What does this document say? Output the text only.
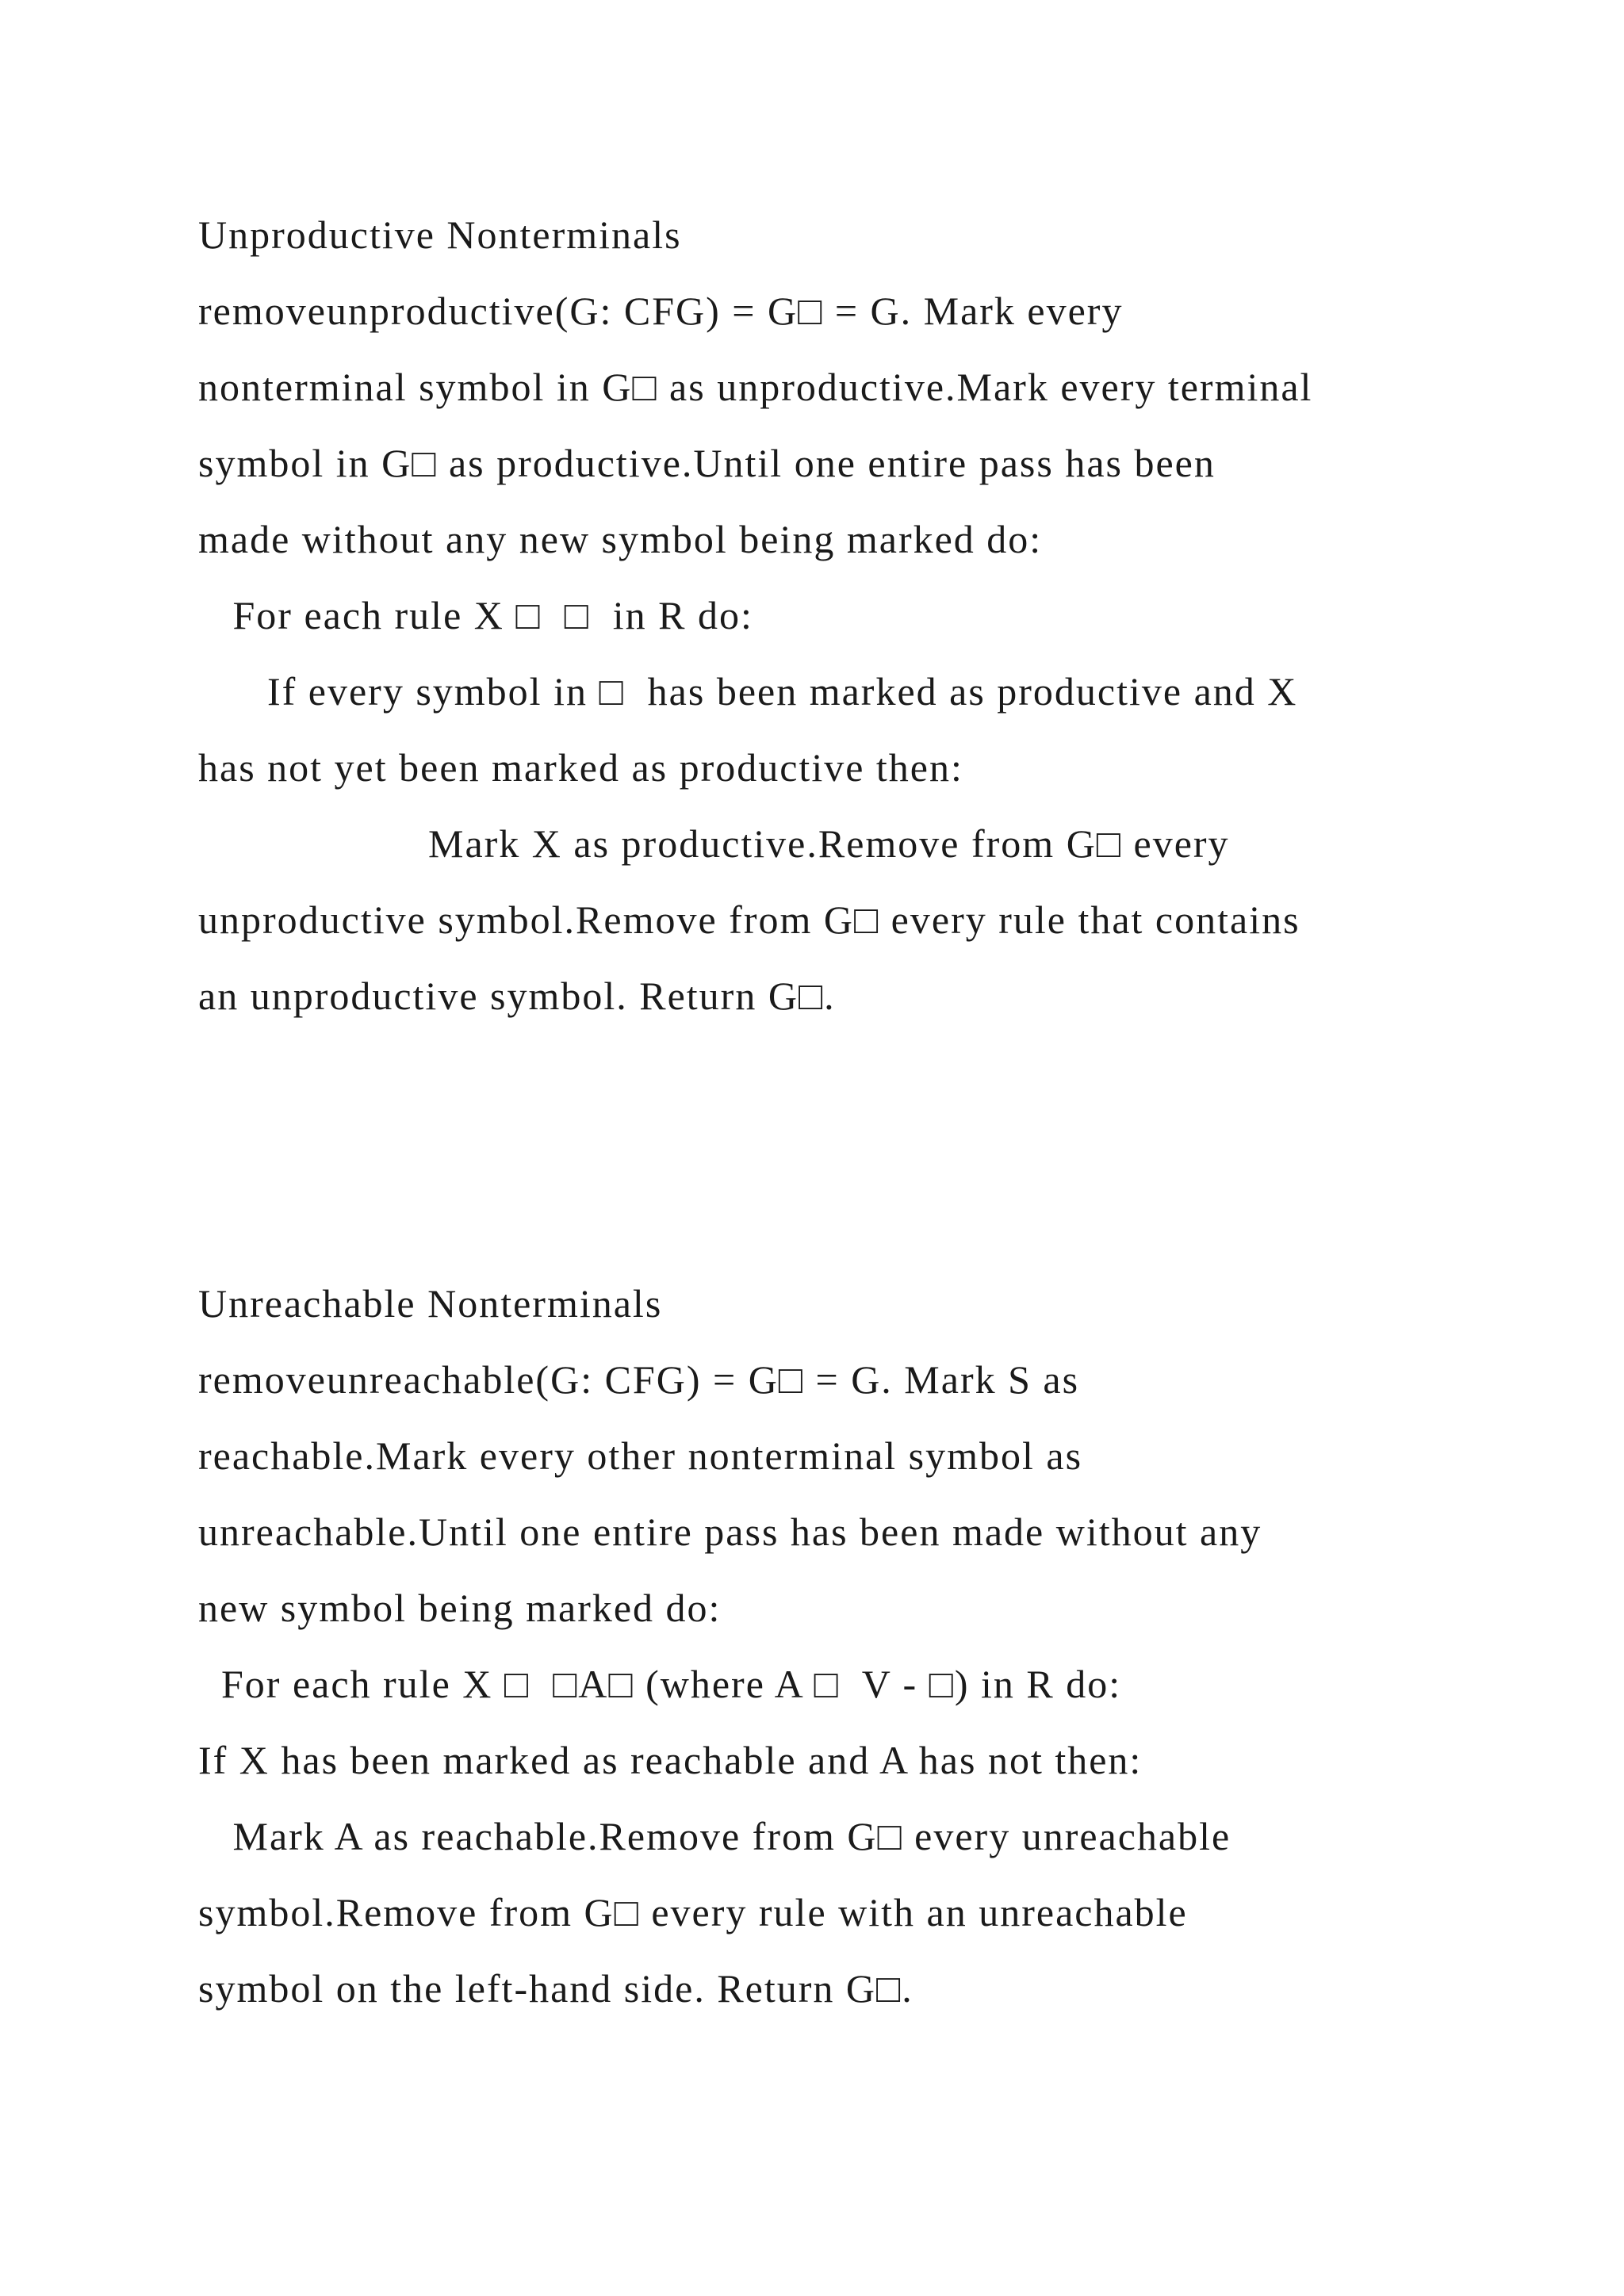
Unproductive Nonterminals
removeunproductive(G: CFG) = G□ = G. Mark every
nonterminal symbol in G□ as unproductive.Mark every terminal
symbol in G□ as productive.Until one entire pass has been
made without any new symbol being marked do:
For each rule X □  □  in R do:
If every symbol in □  has been marked as productive and X
has not yet been marked as productive then:
Mark X as productive.Remove from G□ every
unproductive symbol.Remove from G□ every rule that contains
an unproductive symbol. Return G□.
Unreachable Nonterminals
removeunreachable(G: CFG) = G□ = G. Mark S as
reachable.Mark every other nonterminal symbol as
unreachable.Until one entire pass has been made without any
new symbol being marked do:
For each rule X □  □A□ (where A □  V - □) in R do:
If X has been marked as reachable and A has not then:
Mark A as reachable.Remove from G□ every unreachable
symbol.Remove from G□ every rule with an unreachable
symbol on the left-hand side. Return G□.
